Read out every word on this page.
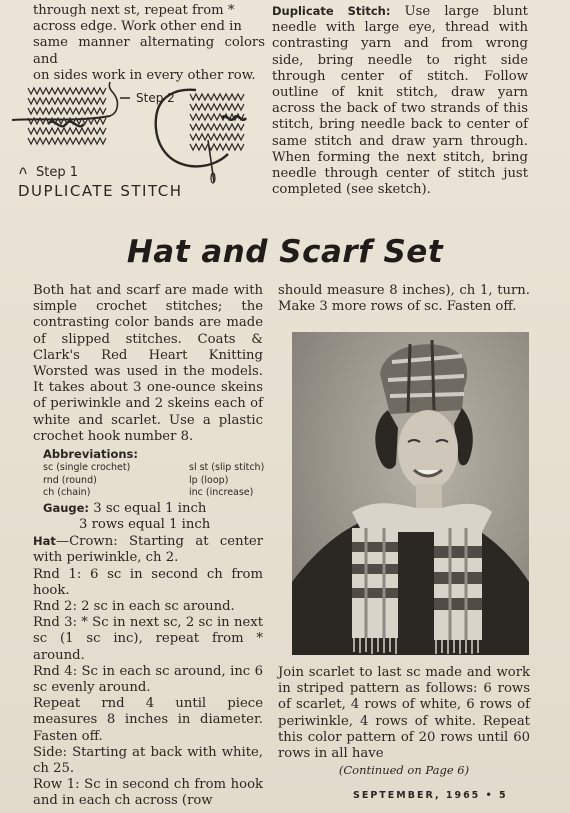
through next st, repeat from *

across edge. Work other end in

same manner alternating colors and

on sides work in every other row.

Step 1
Step 2
DUPLICATE STITCH

Duplicate Stitch: Use large blunt needle with large eye, thread with contrasting yarn and from wrong side, bring needle to right side through center of stitch. Follow outline of knit stitch, draw yarn across the back of two strands of this stitch, bring needle back to center of same stitch and draw yarn through. When forming the next stitch, bring needle through center of stitch just completed (see sketch).

Hat and Scarf Set

Both hat and scarf are made with simple crochet stitches; the contrasting color bands are made of slipped stitches. Coats & Clark's Red Heart Knitting Worsted was used in the models. It takes about 3 one-ounce skeins of periwinkle and 2 skeins each of white and scarlet. Use a plastic crochet hook number 8.

Abbreviations:

sc (single crochet)	sl st (slip stitch)
rnd (round)	lp (loop)
ch (chain)	inc (increase)

Gauge: 3 sc equal 1 inch

3 rows equal 1 inch

Hat—Crown: Starting at center with periwinkle, ch 2.

Rnd 1: 6 sc in second ch from hook.

Rnd 2: 2 sc in each sc around.

Rnd 3: * Sc in next sc, 2 sc in next sc (1 sc inc), repeat from * around.

Rnd 4: Sc in each sc around, inc 6 sc evenly around.

Repeat rnd 4 until piece measures 8 inches in diameter. Fasten off.

Side: Starting at back with white, ch 25.

Row 1: Sc in second ch from hook and in each ch across (row

should measure 8 inches), ch 1, turn. Make 3 more rows of sc. Fasten off.

Join scarlet to last sc made and work in striped pattern as follows: 6 rows of scarlet, 4 rows of white, 6 rows of periwinkle, 4 rows of white. Repeat this color pattern of 20 rows until 60 rows in all have

(Continued on Page 6)

SEPTEMBER, 1965 • 5
